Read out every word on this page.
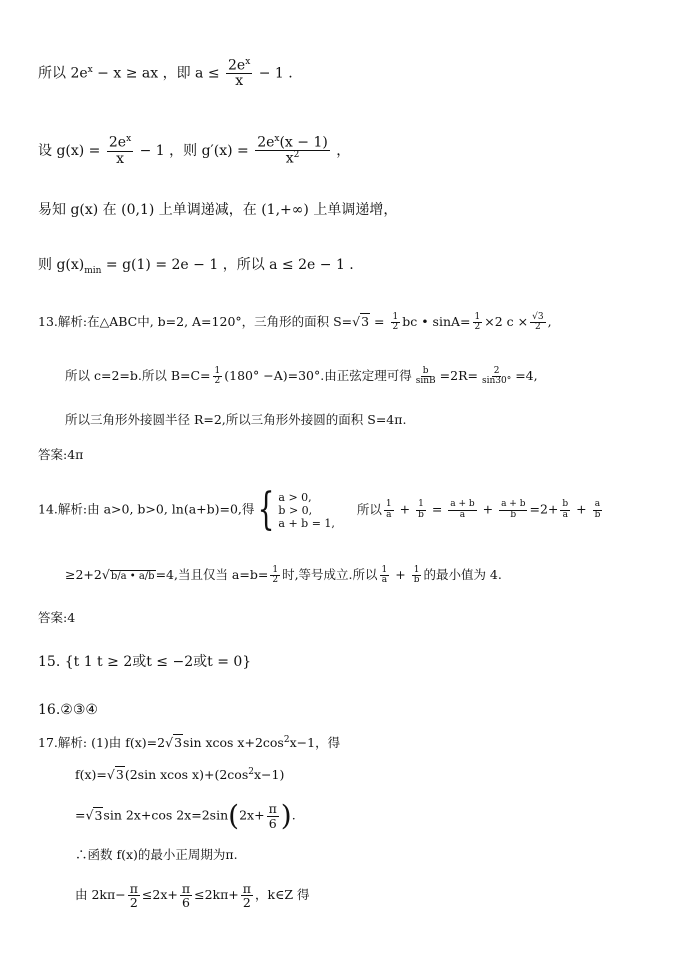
所以 $2e^x - x$ ≥ ax ，即 $a \le \frac{2e^x}{x} - 1$ .
设 $g(x) = \frac{2e^x}{x} - 1$ ，则 $g'(x) = \frac{2e^x(x - 1)}{x^2}$ ，
易知 g(x) 在 (0,1) 上单调递减，在 (1,+∞) 上单调递增，
则 $g(x)_{min} = g(1) = 2e - 1$ ，所以 a ≤ 2e − 1 .
13.解析:在△ABC中, b=2, A=120°，三角形的面积 $S=√3 = \frac{1}{2}$ bc • $\sin A= \frac{1}{2} \times 2$ $c \times \frac{√3}{2}$ ,
所以 c=2=b.所以 $B=C= \frac{1}{2} (180^\circ -A)=30^\circ$.由正弦定理可得 $\frac{b}{\sin B} =2R= \frac{2}{\sin 30^\circ} =4$,
所以三角形外接圆半径 R=2,所以三角形外接圆的面积 S=4π.
答案:4π
14.解析:由 a>0, b>0, ln(a+b)=0,得{ a > 0,
b > 0,
a + b = 1,
所以 $\frac{1}{a} + \frac{1}{b} = \frac{a + b}{a} + \frac{a + b}{b} =2+ \frac{b}{a} + \frac{a}{b}$
≥2+2√b/a • a/b=4,当且仅当 $a=b= \frac{1}{2}$ 时,等号成立.所以 $\frac{1}{a} + \frac{1}{b}$ 的最小值为 4.
答案:4
15. {t 1 t ≥ 2或t ≤ −2或t = 0}
16.②③④
17.解析: (1)由 f(x)=2√3sin xcos $x+2\cos^2x-1$，得
f(x)=√3(2sin xcos $x)+(2\cos^2x-1)$
=√3sin 2x+cos $2x=2\sin(2x+ \frac{\pi}{6}$ ).
∴函数 f(x)的最小正周期为π.
由 $2k\pi- \frac{\pi}{2} \le 2x+ \frac{\pi}{6} \le 2k\pi+ \frac{\pi}{2}$ ，k∈Z 得
